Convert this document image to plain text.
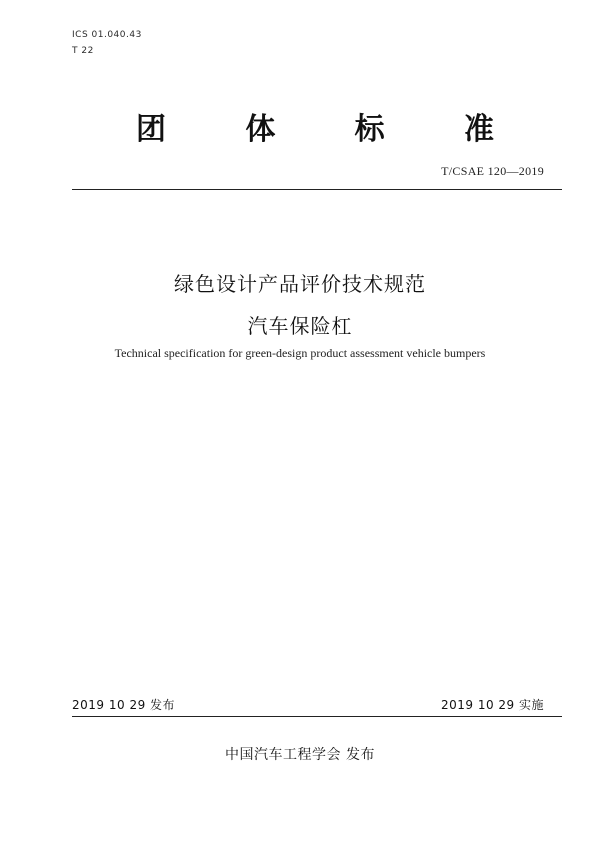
ICS 01.040.43
T 22
团	体	标	准
T/CSAE 120—2019
绿色设计产品评价技术规范
汽车保险杠
Technical specification for green-design product assessment vehicle bumpers
2019 10 29 发布	2019 10 29 实施
中国汽车工程学会 发布
